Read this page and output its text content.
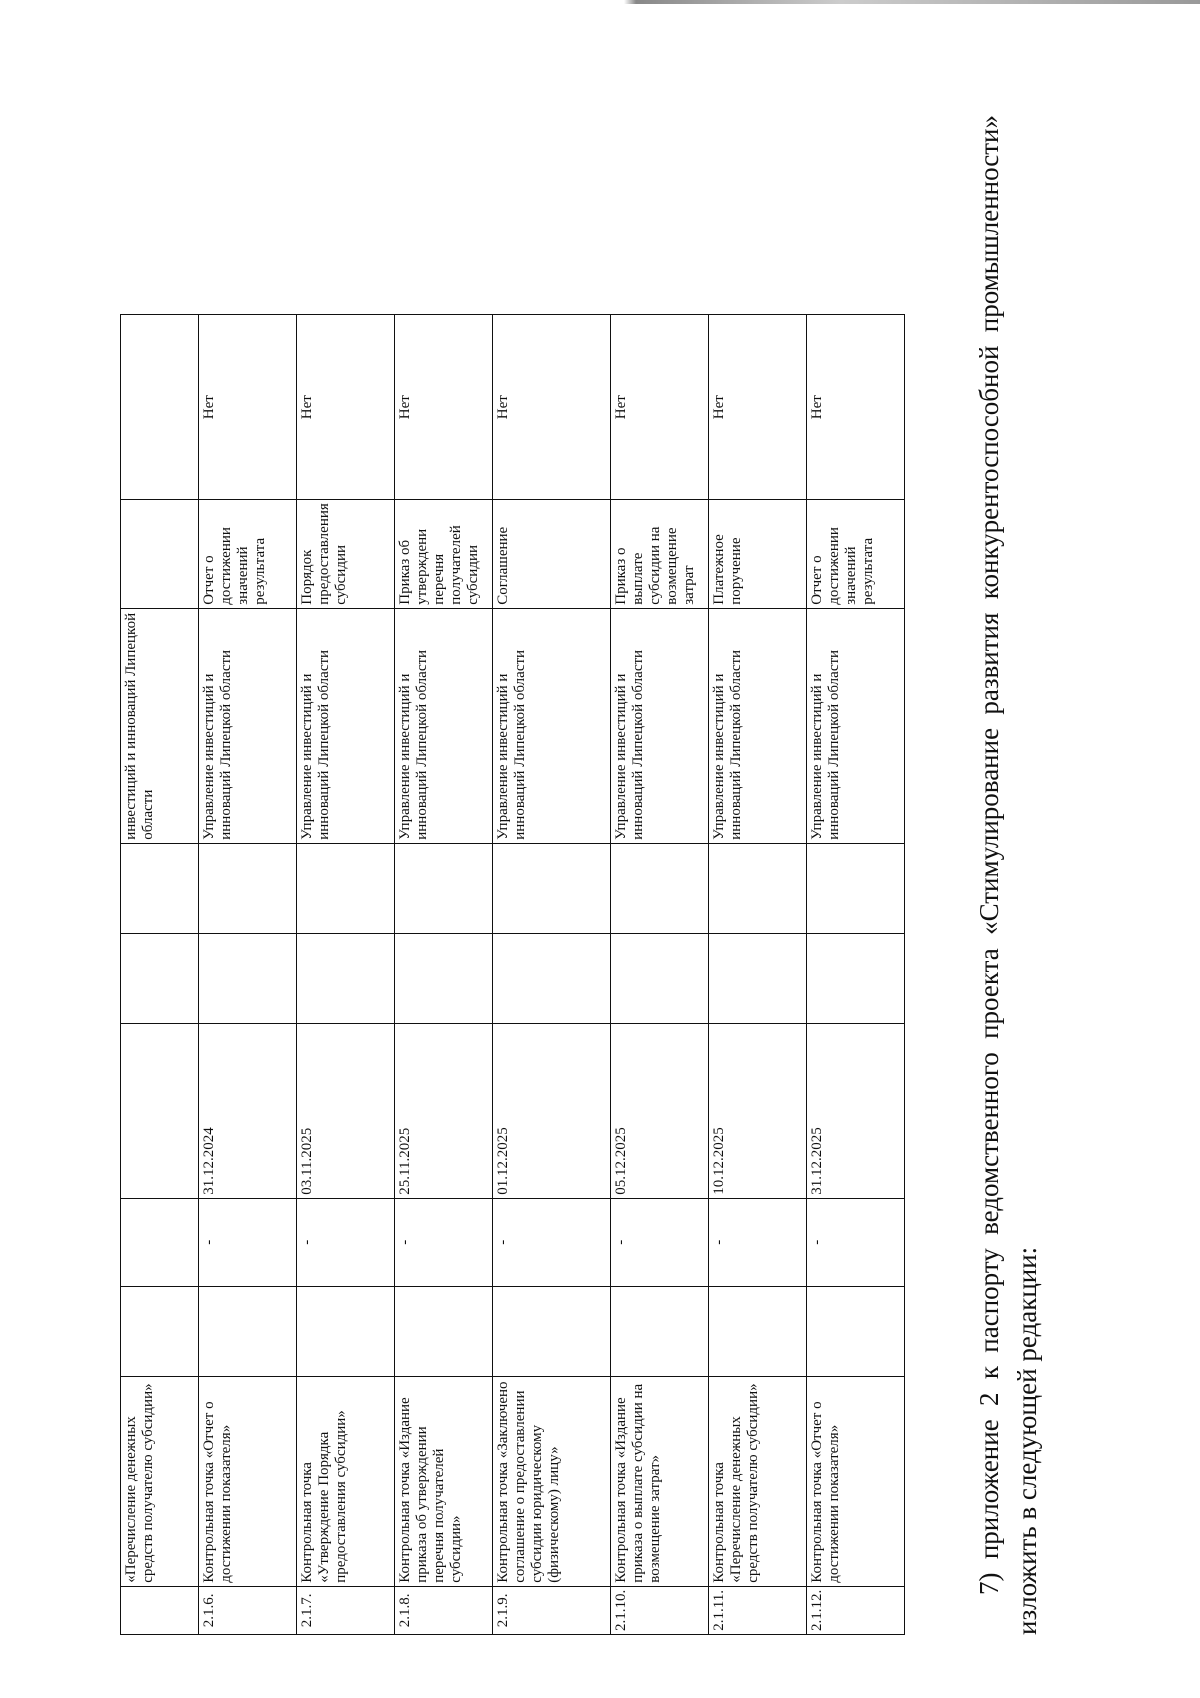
	«Перечисление денежных средств получателю субсидии»						инвестиций и инноваций Липецкой области		
2.1.6.	Контрольная точка «Отчет о достижении показателя»		-	31.12.2024			Управление инвестиций и инноваций Липецкой области	Отчет о достижении значений результата	Нет
2.1.7.	Контрольная точка «Утверждение Порядка предоставления субсидии»		-	03.11.2025			Управление инвестиций и инноваций Липецкой области	Порядок предоставления субсидии	Нет
2.1.8.	Контрольная точка «Издание приказа об утверждении перечня получателей субсидии»		-	25.11.2025			Управление инвестиций и инноваций Липецкой области	Приказ об утверждени перечня получателей субсидии	Нет
2.1.9.	Контрольная точка «Заключено соглашение о предоставлении субсидии юридическому (физическому) лицу»		-	01.12.2025			Управление инвестиций и инноваций Липецкой области	Соглашение	Нет
2.1.10.	Контрольная точка «Издание приказа о выплате субсидии на возмещение затрат»		-	05.12.2025			Управление инвестиций и инноваций Липецкой области	Приказ о выплате субсидии на возмещение затрат	Нет
2.1.11.	Контрольная точка «Перечисление денежных средств получателю субсидии»		-	10.12.2025			Управление инвестиций и инноваций Липецкой области	Платежное поручение	Нет
2.1.12.	Контрольная точка «Отчет о достижении показателя»		-	31.12.2025			Управление инвестиций и инноваций Липецкой области	Отчет о достижении значений результата	Нет	7) приложение 2 к паспорту ведомственного проекта «Стимулирование развития конкурентоспособной промышленности» изложить в следующей редакции:
